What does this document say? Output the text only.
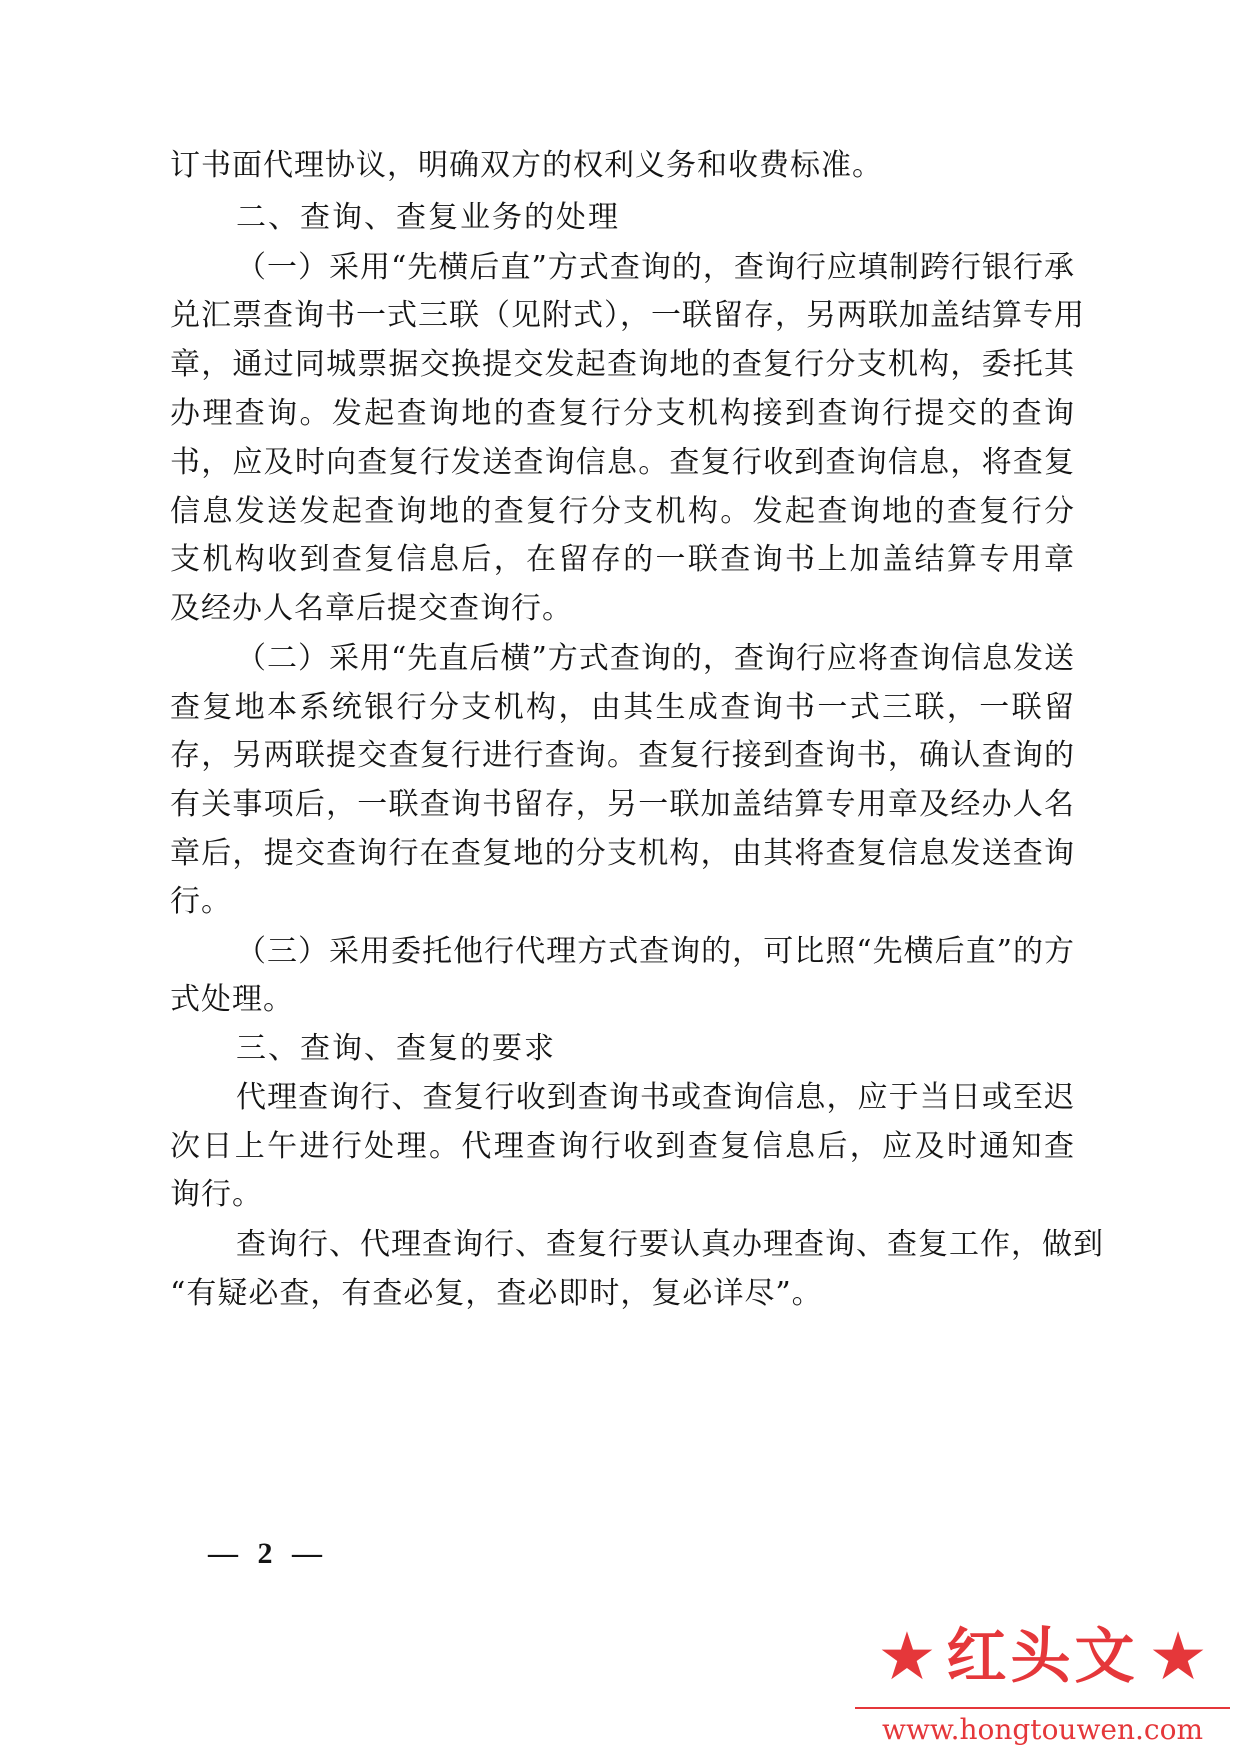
订书面代理协议，明确双方的权利义务和收费标准。
二、查询、查复业务的处理
（一）采用“先横后直”方式查询的，查询行应填制跨行银行承
兑汇票查询书一式三联（见附式），一联留存，另两联加盖结算专用
章，通过同城票据交换提交发起查询地的查复行分支机构，委托其
办理查询。发起查询地的查复行分支机构接到查询行提交的查询
书，应及时向查复行发送查询信息。查复行收到查询信息，将查复
信息发送发起查询地的查复行分支机构。发起查询地的查复行分
支机构收到查复信息后，在留存的一联查询书上加盖结算专用章
及经办人名章后提交查询行。
（二）采用“先直后横”方式查询的，查询行应将查询信息发送
查复地本系统银行分支机构，由其生成查询书一式三联，一联留
存，另两联提交查复行进行查询。查复行接到查询书，确认查询的
有关事项后，一联查询书留存，另一联加盖结算专用章及经办人名
章后，提交查询行在查复地的分支机构，由其将查复信息发送查询
行。
（三）采用委托他行代理方式查询的，可比照“先横后直”的方
式处理。
三、查询、查复的要求
代理查询行、查复行收到查询书或查询信息，应于当日或至迟
次日上午进行处理。代理查询行收到查复信息后，应及时通知查
询行。
查询行、代理查询行、查复行要认真办理查询、查复工作，做到
“有疑必查，有查必复，查必即时，复必详尽”。
— 2 —
★ 红头文 ★
www.hongtouwen.com
